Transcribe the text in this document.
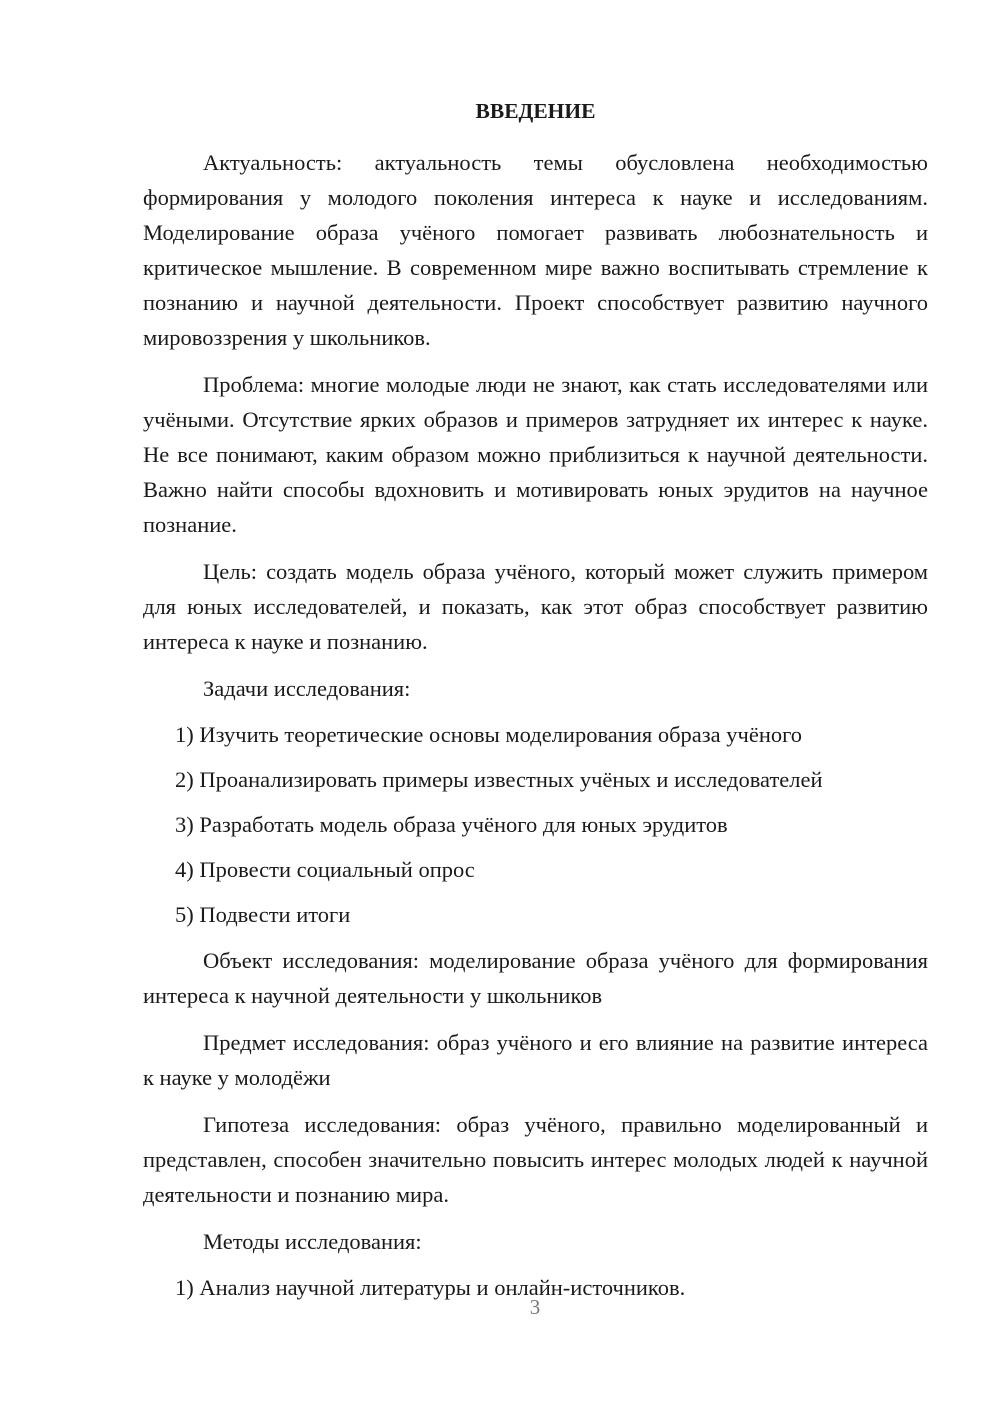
ВВЕДЕНИЕ

Актуальность: актуальность темы обусловлена необходимостью формирования у молодого поколения интереса к науке и исследованиям. Моделирование образа учёного помогает развивать любознательность и критическое мышление. В современном мире важно воспитывать стремление к познанию и научной деятельности. Проект способствует развитию научного мировоззрения у школьников.

Проблема: многие молодые люди не знают, как стать исследователями или учёными. Отсутствие ярких образов и примеров затрудняет их интерес к науке. Не все понимают, каким образом можно приблизиться к научной деятельности. Важно найти способы вдохновить и мотивировать юных эрудитов на научное познание.

Цель: создать модель образа учёного, который может служить примером для юных исследователей, и показать, как этот образ способствует развитию интереса к науке и познанию.

Задачи исследования:
1) Изучить теоретические основы моделирования образа учёного
2) Проанализировать примеры известных учёных и исследователей
3) Разработать модель образа учёного для юных эрудитов
4) Провести социальный опрос
5) Подвести итоги

Объект исследования: моделирование образа учёного для формирования интереса к научной деятельности у школьников

Предмет исследования: образ учёного и его влияние на развитие интереса к науке у молодёжи

Гипотеза исследования: образ учёного, правильно моделированный и представлен, способен значительно повысить интерес молодых людей к научной деятельности и познанию мира.

Методы исследования:
1) Анализ научной литературы и онлайн-источников.
3
